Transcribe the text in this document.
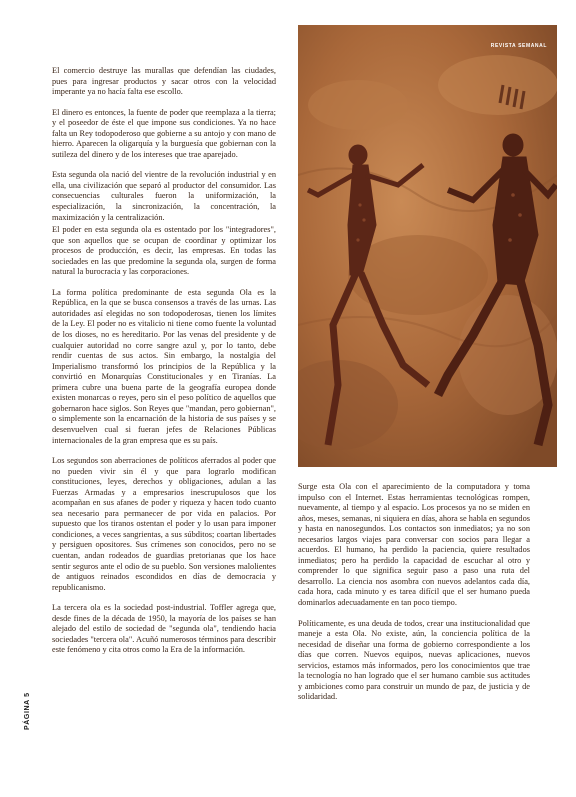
El comercio destruye las murallas que defendían las ciudades, pues para ingresar productos y sacar otros con la velocidad imperante ya no hacía falta ese escollo.

El dinero es entonces, la fuente de poder que reemplaza a la tierra; y el poseedor de éste el que impone sus condiciones. Ya no hace falta un Rey todopoderoso que gobierne a su antojo y con mano de hierro. Aparecen la oligarquía y la burguesía que gobiernan con la sutileza del dinero y de los intereses que trae aparejado.

Esta segunda ola nació del vientre de la revolución industrial y en ella, una civilización que separó al productor del consumidor. Las consecuencias culturales fueron la uniformización, la especialización, la sincronización, la concentración, la maximización y la centralización.

El poder en esta segunda ola es ostentado por los "integradores", que son aquellos que se ocupan de coordinar y optimizar los procesos de producción, es decir, las empresas. En todas las sociedades en las que predomine la segunda ola, surgen de forma natural la burocracia y las corporaciones.

La forma política predominante de esta segunda Ola es la República, en la que se busca consensos a través de las urnas. Las autoridades así elegidas no son todopoderosas, tienen los límites de la Ley. El poder no es vitalicio ni tiene como fuente la voluntad de los dioses, no es hereditario. Por las venas del presidente y de cualquier autoridad no corre sangre azul y, por lo tanto, debe rendir cuentas de sus actos. Sin embargo, la nostalgia del Imperialismo transformó los principios de la República y la convirtió en Monarquías Constitucionales y en Tiranías. La primera cubre una buena parte de la geografía europea donde existen monarcas o reyes, pero sin el peso político de aquellos que gobernaron hace siglos. Son Reyes que "mandan, pero gobiernan", o simplemente son la encarnación de la historia de sus países y se desenvuelven cual si fueran jefes de Relaciones Públicas internacionales de la gran empresa que es su país.

Los segundos son aberraciones de políticos aferrados al poder que no pueden vivir sin él y que para lograrlo modifican constituciones, leyes, derechos y obligaciones, adulan a las Fuerzas Armadas y a empresarios inescrupulosos que los acompañan en sus afanes de poder y riqueza y hacen todo cuanto sea necesario para permanecer de por vida en palacios. Por supuesto que los tiranos ostentan el poder y lo usan para imponer condiciones, a veces sangrientas, a sus súbditos; coartan libertades y persiguen opositores. Sus crímenes son conocidos, pero no se cuentan, andan rodeados de guardias pretorianas que los hace sentir seguros ante el odio de su pueblo. Son versiones malolientes de antiguos reinados escondidos en días de democracia y republicanismo.

La tercera ola es la sociedad post-industrial. Toffler agrega que, desde fines de la década de 1950, la mayoría de los países se han alejado del estilo de sociedad de "segunda ola", tendiendo hacia sociedades "tercera ola". Acuñó numerosos términos para describir este fenómeno y cita otros como la Era de la información.

REVISTA SEMANAL

Surge esta Ola con el aparecimiento de la computadora y toma impulso con el Internet. Estas herramientas tecnológicas rompen, nuevamente, al tiempo y al espacio. Los procesos ya no se miden en años, meses, semanas, ni siquiera en días, ahora se habla en segundos y hasta en nanosegundos. Los contactos son inmediatos; ya no son necesarios largos viajes para conversar con socios para llegar a acuerdos. El humano, ha perdido la paciencia, quiere resultados inmediatos; pero ha perdido la capacidad de escuchar al otro y comprender lo que significa seguir paso a paso una ruta del desarrollo. La ciencia nos asombra con nuevos adelantos cada día, cada hora, cada minuto y es tarea difícil que el ser humano pueda dominarlos adecuadamente en tan poco tiempo.

Políticamente, es una deuda de todos, crear una institucionalidad que maneje a esta Ola. No existe, aún, la conciencia política de la necesidad de diseñar una forma de gobierno correspondiente a los días que corren. Nuevos equipos, nuevas aplicaciones, nuevos servicios, estamos más informados, pero los conocimientos que trae la tecnología no han logrado que el ser humano cambie sus actitudes y ambiciones como para construir un mundo de paz, de justicia y de solidaridad.

PÁGINA 5
